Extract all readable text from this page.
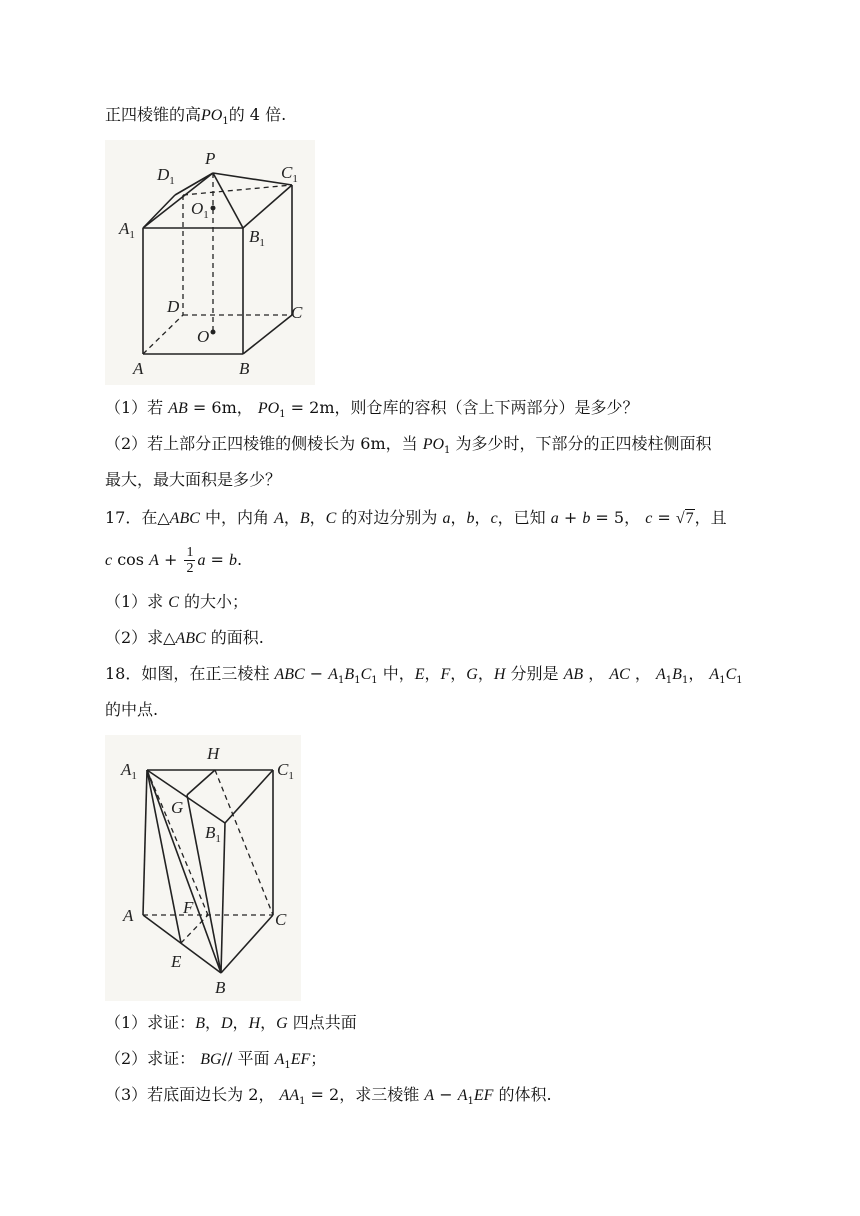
正四棱锥的高$PO_1$的 4 倍.
P
$D_1$	$C_1$
$O_1$
$A_1$	$B_1$
D	C
O
A	B
（1）若 AB = 6m， $PO_1 = 2m$，则仓库的容积（含上下两部分）是多少？
（2）若上部分正四棱锥的侧棱长为 6m，当 $PO_1$ 为多少时，下部分的正四棱柱侧面积
最大，最大面积是多少？
17．在△ABC 中，内角 A，B，C 的对边分别为 a，b，c，已知 a + b = 5， c = √7，且
c $\cos A + \frac{1}{2}$ a = b.
（1）求 C 的大小；
（2）求△ABC 的面积.
18．如图，在正三棱柱 ABC − $A_1B_1C_1$ 中，E，F，G，H 分别是 AB ， AC ， $A_1B_1$， $A_1C_1$
的中点.
H
$A_1$	$C_1$
G
$B_1$
A	F
C
E
B
（1）求证：B，D，H，G 四点共面
（2）求证： BG// 平面 $A_1EF$；
（3）若底面边长为 2， $AA_1 = 2$，求三棱锥 $A - A_1EF$ 的体积.
